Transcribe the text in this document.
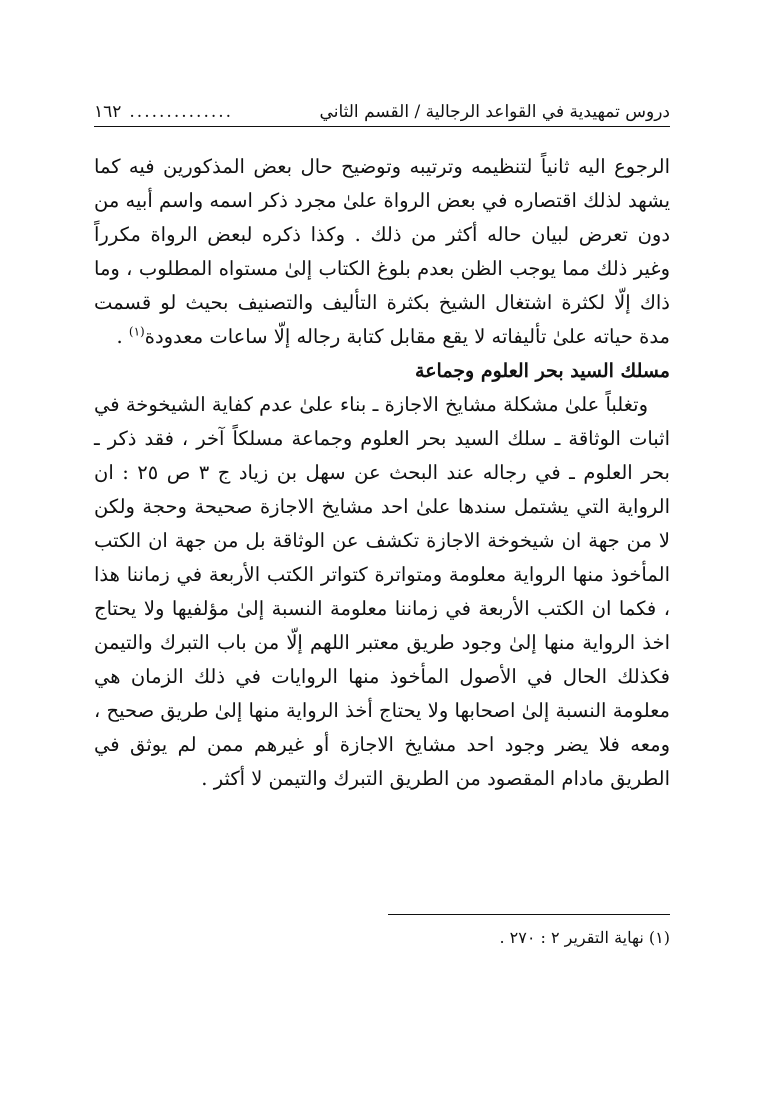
دروس تمهيدية في القواعد الرجالية / القسم الثاني
..............
١٦٢

الرجوع اليه ثانياً لتنظيمه وترتيبه وتوضيح حال بعض المذكورين فيه كما يشهد لذلك اقتصاره في بعض الرواة علىٰ مجرد ذكر اسمه واسم أبيه من دون تعرض لبيان حاله أكثر من ذلك . وكذا ذكره لبعض الرواة مكرراً وغير ذلك مما يوجب الظن بعدم بلوغ الكتاب إلىٰ مستواه المطلوب ، وما ذاك إلّا لكثرة اشتغال الشيخ بكثرة التأليف والتصنيف بحيث لو قسمت مدة حياته علىٰ تأليفاته لا يقع مقابل كتابة رجاله إلّا ساعات معدودة$^{(١)}$ .

مسلك السيد بحر العلوم وجماعة

وتغلباً علىٰ مشكلة مشايخ الاجازة ـ بناء علىٰ عدم كفاية الشيخوخة في اثبات الوثاقة ـ سلك السيد بحر العلوم وجماعة مسلكاً آخر ، فقد ذكر ـ بحر العلوم ـ في رجاله عند البحث عن سهل بن زياد ج ٣ ص ٢٥ : ان الرواية التي يشتمل سندها علىٰ احد مشايخ الاجازة صحيحة وحجة ولكن لا من جهة ان شيخوخة الاجازة تكشف عن الوثاقة بل من جهة ان الكتب المأخوذ منها الرواية معلومة ومتواترة كتواتر الكتب الأربعة في زماننا هذا ، فكما ان الكتب الأربعة في زماننا معلومة النسبة إلىٰ مؤلفيها ولا يحتاج اخذ الرواية منها إلىٰ وجود طريق معتبر اللهم إلّا من باب التبرك والتيمن فكذلك الحال في الأصول المأخوذ منها الروايات في ذلك الزمان هي معلومة النسبة إلىٰ اصحابها ولا يحتاج أخذ الرواية منها إلىٰ طريق صحيح ، ومعه فلا يضر وجود احد مشايخ الاجازة أو غيرهم ممن لم يوثق في الطريق مادام المقصود من الطريق التبرك والتيمن لا أكثر .

(١) نهاية التقرير ٢ : ٢٧٠ .
